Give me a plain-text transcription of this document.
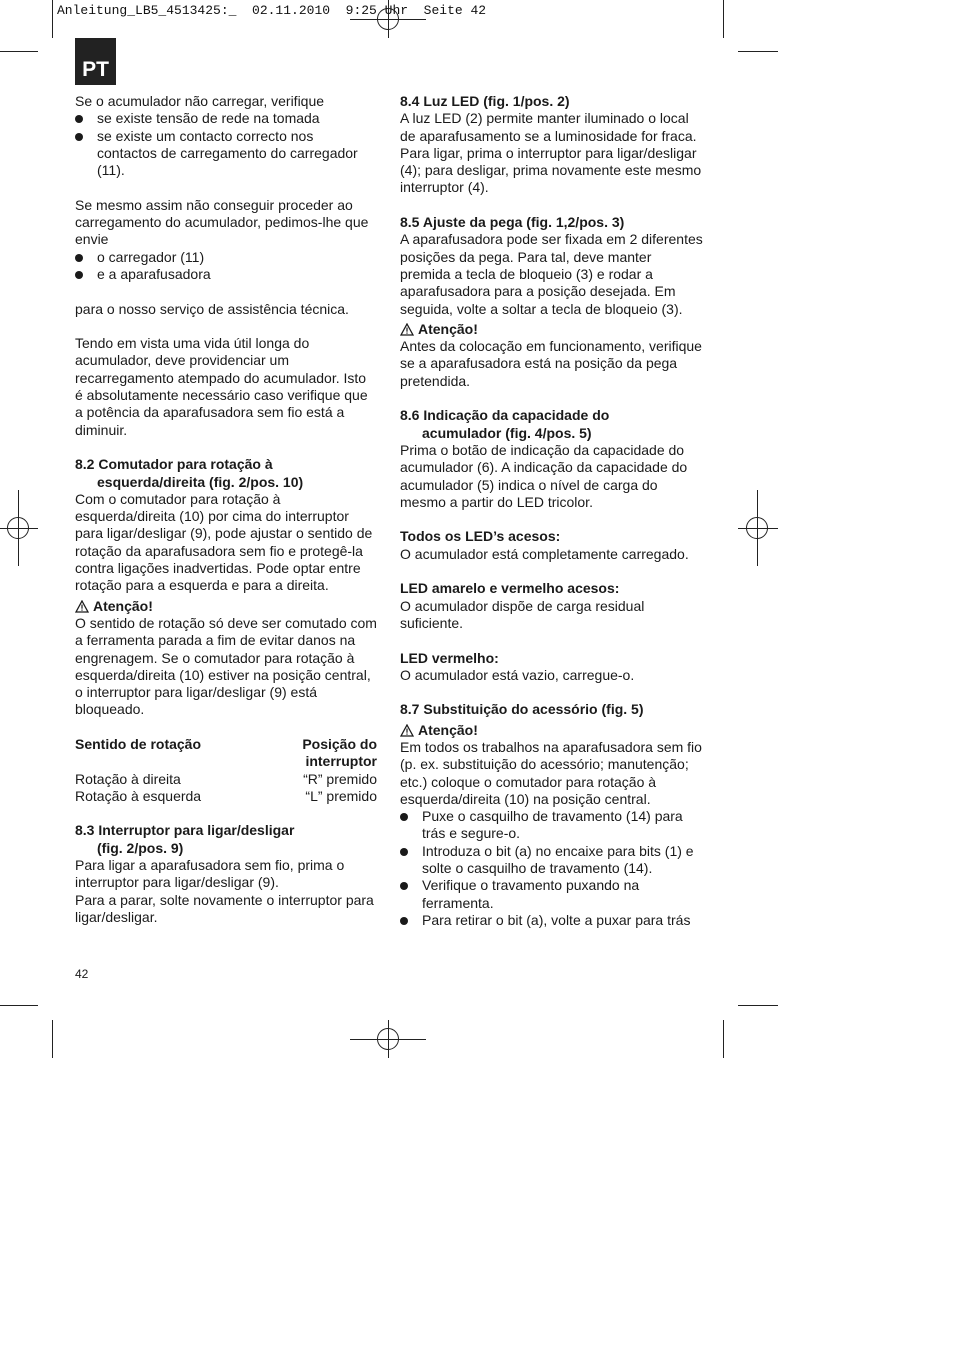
Anleitung_LB5_4513425:_  02.11.2010  9:25 Uhr  Seite 42
PT

Se o acumulador não carregar, verifique

se existe tensão de rede na tomada
se existe um contacto correcto nos contactos de carregamento do carregador (11).

Se mesmo assim não conseguir proceder ao carregamento do acumulador, pedimos-lhe que envie

o carregador (11)
e a aparafusadora

para o nosso serviço de assistência técnica.

Tendo em vista uma vida útil longa do acumulador, deve providenciar um recarregamento atempado do acumulador. Isto é absolutamente necessário caso verifique que a potência da aparafusadora sem fio está a diminuir.

8.2 Comutador para rotação à

esquerda/direita (fig. 2/pos. 10)

Com o comutador para rotação à esquerda/direita (10) por cima do interruptor para ligar/desligar (9), pode ajustar o sentido de rotação da aparafusadora sem fio e protegê-la contra ligações inadvertidas. Pode optar entre rotação para a esquerda e para a direita.

Atenção!

O sentido de rotação só deve ser comutado com a ferramenta parada a fim de evitar danos na engrenagem. Se o comutador para rotação à esquerda/direita (10) estiver na posição central, o interruptor para ligar/desligar (9) está bloqueado.

Sentido de rotação	Posição do
interruptor
Rotação à direita	“R” premido
Rotação à esquerda	“L” premido

8.3 Interruptor para ligar/desligar

(fig. 2/pos. 9)

Para ligar a aparafusadora sem fio, prima o interruptor para ligar/desligar (9).

Para a parar, solte novamente o interruptor para ligar/desligar.

8.4 Luz LED (fig. 1/pos. 2)

A luz LED (2) permite manter iluminado o local de aparafusamento se a luminosidade for fraca. Para ligar, prima o interruptor para ligar/desligar (4); para desligar, prima novamente este mesmo interruptor (4).

8.5 Ajuste da pega (fig. 1,2/pos. 3)

A aparafusadora pode ser fixada em 2 diferentes posições da pega. Para tal, deve manter premida a tecla de bloqueio (3) e rodar a aparafusadora para a posição desejada. Em seguida, volte a soltar a tecla de bloqueio (3).

Atenção!

Antes da colocação em funcionamento, verifique se a aparafusadora está na posição da pega pretendida.

8.6 Indicação da capacidade do

acumulador (fig. 4/pos. 5)

Prima o botão de indicação da capacidade do acumulador (6). A indicação da capacidade do acumulador (5) indica o nível de carga do mesmo a partir do LED tricolor.

Todos os LED’s acesos:

O acumulador está completamente carregado.

LED amarelo e vermelho acesos:

O acumulador dispõe de carga residual suficiente.

LED vermelho:

O acumulador está vazio, carregue-o.

8.7 Substituição do acessório (fig. 5)

Atenção!

Em todos os trabalhos na aparafusadora sem fio (p. ex. substituição do acessório; manutenção; etc.) coloque o comutador para rotação à esquerda/direita (10) na posição central.

Puxe o casquilho de travamento (14) para trás e segure-o.
Introduza o bit (a) no encaixe para bits (1) e solte o casquilho de travamento (14).
Verifique o travamento puxando na ferramenta.
Para retirar o bit (a), volte a puxar para trás
42
